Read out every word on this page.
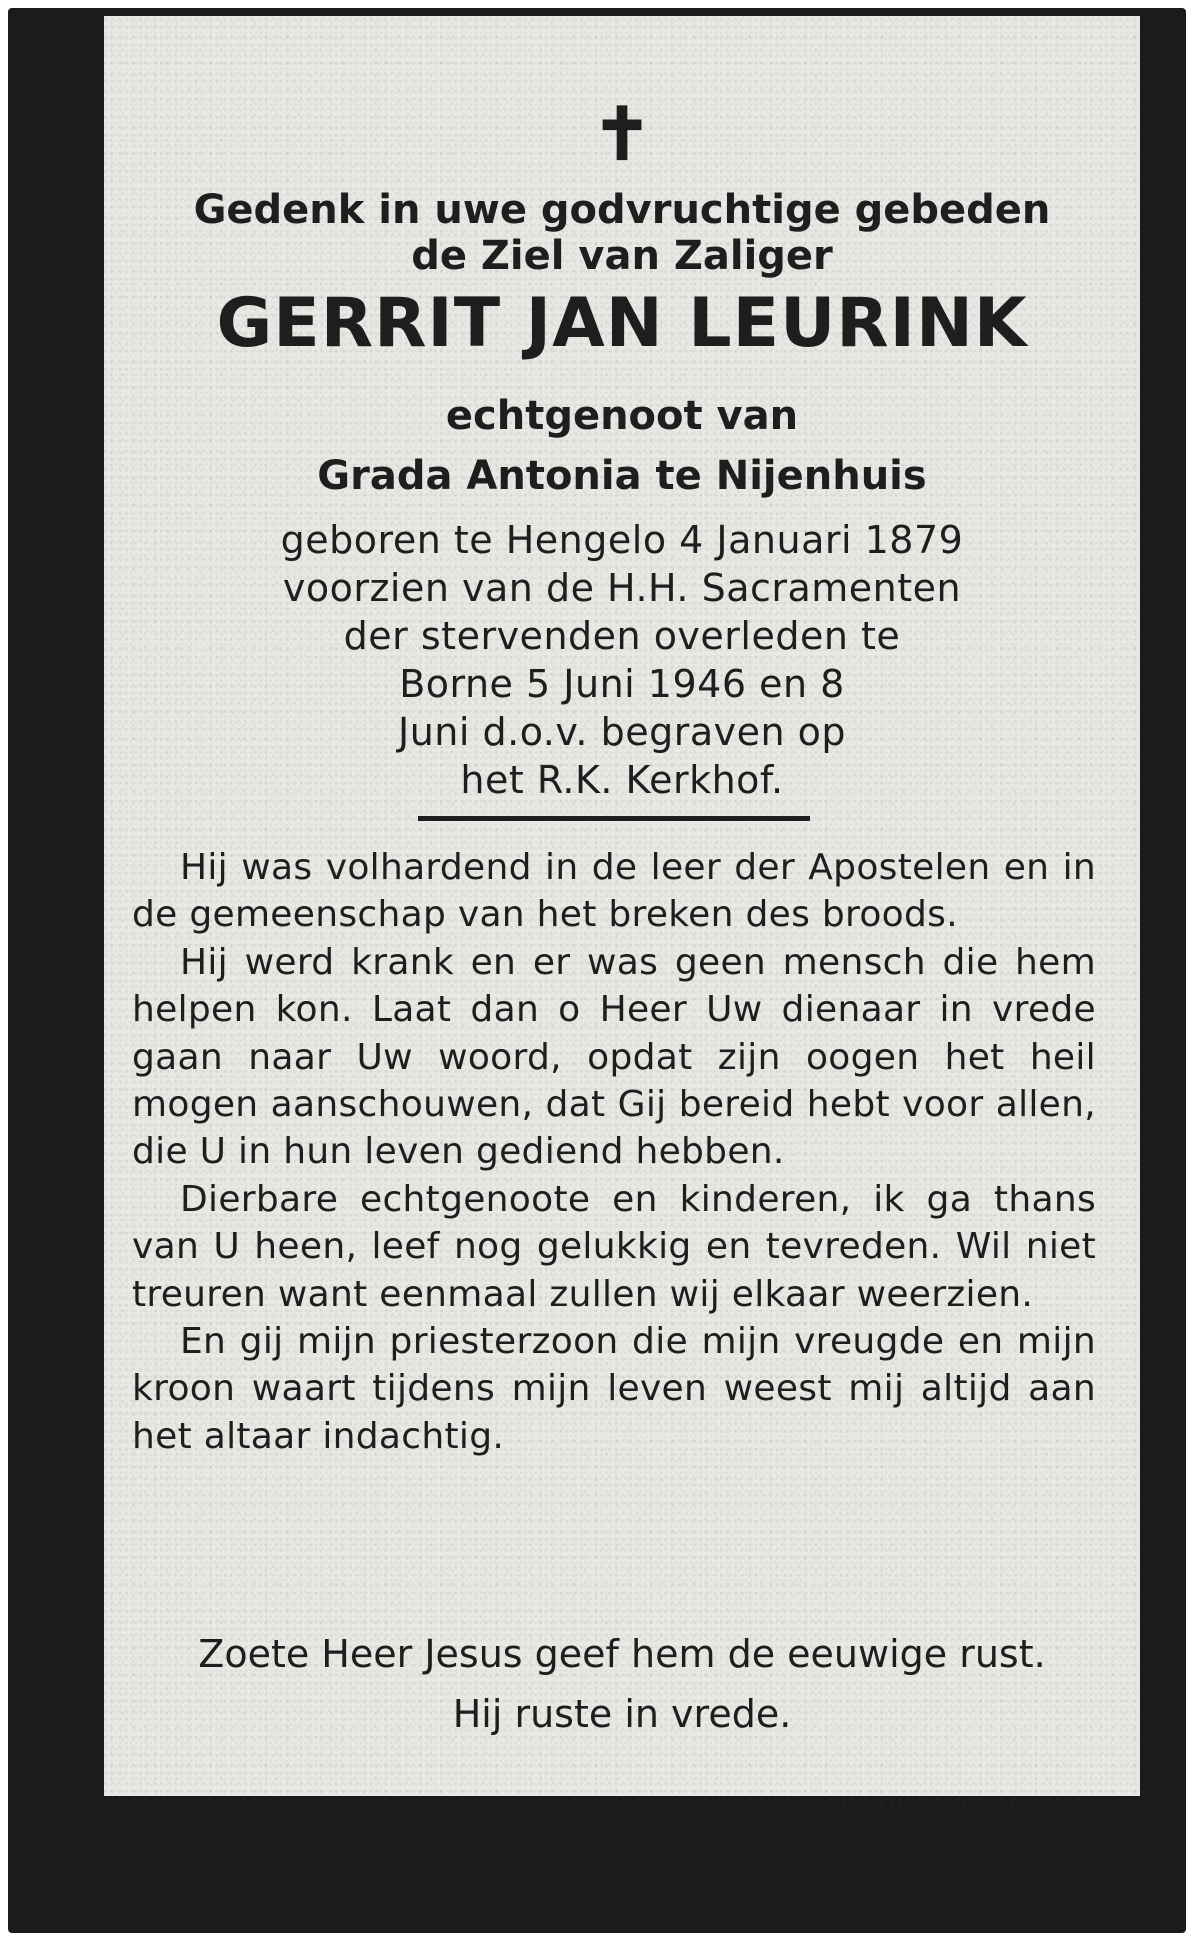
✝
Gedenk in uwe godvruchtige gebeden
de Ziel van Zaliger
GERRIT JAN LEURINK
echtgenoot van
Grada Antonia te Nijenhuis
geboren te Hengelo 4 Januari 1879
voorzien van de H.H. Sacramenten
der stervenden overleden te
Borne 5 Juni 1946 en 8
Juni d.o.v. begraven op
het R.K. Kerkhof.

Hij was volhardend in de leer der Apostelen en in de gemeenschap van het breken des broods.

Hij werd krank en er was geen mensch die hem helpen kon. Laat dan o Heer Uw dienaar in vrede gaan naar Uw woord, opdat zijn oogen het heil mogen aanschouwen, dat Gij bereid hebt voor allen, die U in hun leven gediend hebben.

Dierbare echtgenoote en kinderen, ik ga thans van U heen, leef nog gelukkig en tevreden. Wil niet treuren want eenmaal zullen wij elkaar weerzien.

En gij mijn priesterzoon die mijn vreugde en mijn kroon waart tijdens mijn leven weest mij altijd aan het altaar indachtig.

Zoete Heer Jesus geef hem de eeuwige rust.
Hij ruste in vrede.
TEN TUSSCHER - BORNE
